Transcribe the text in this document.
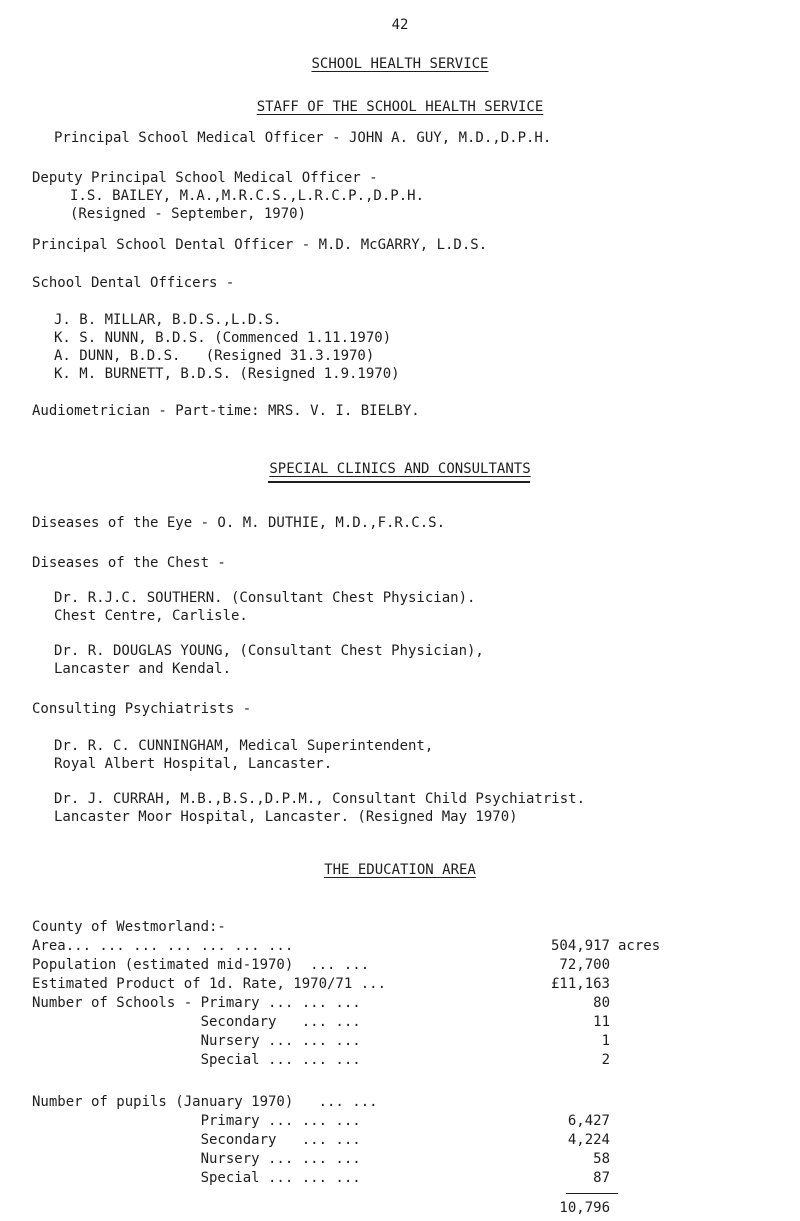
42
SCHOOL HEALTH SERVICE
STAFF OF THE SCHOOL HEALTH SERVICE
Principal School Medical Officer - JOHN A. GUY, M.D.,D.P.H.
Deputy Principal School Medical Officer -
I.S. BAILEY, M.A.,M.R.C.S.,L.R.C.P.,D.P.H.
(Resigned - September, 1970)
Principal School Dental Officer - M.D. McGARRY, L.D.S.
School Dental Officers -
J. B. MILLAR, B.D.S.,L.D.S.
K. S. NUNN, B.D.S. (Commenced 1.11.1970)
A. DUNN, B.D.S.   (Resigned 31.3.1970)
K. M. BURNETT, B.D.S. (Resigned 1.9.1970)
Audiometrician - Part-time: MRS. V. I. BIELBY.
SPECIAL CLINICS AND CONSULTANTS
Diseases of the Eye - O. M. DUTHIE, M.D.,F.R.C.S.
Diseases of the Chest -
Dr. R.J.C. SOUTHERN. (Consultant Chest Physician).
Chest Centre, Carlisle.
Dr. R. DOUGLAS YOUNG, (Consultant Chest Physician),
Lancaster and Kendal.
Consulting Psychiatrists -
Dr. R. C. CUNNINGHAM, Medical Superintendent,
Royal Albert Hospital, Lancaster.
Dr. J. CURRAH, M.B.,B.S.,D.P.M., Consultant Child Psychiatrist.
Lancaster Moor Hospital, Lancaster. (Resigned May 1970)
THE EDUCATION AREA
County of Westmorland:-
Area... ... ... ... ... ... ...	504,917 acres
Population (estimated mid-1970)  ... ...	72,700
Estimated Product of 1d. Rate, 1970/71 ...	£11,163
Number of Schools - Primary ... ... ...	80
Secondary   ... ...	11
Nursery ... ... ...	1
Special ... ... ...	2
Number of pupils (January 1970)   ... ...
Primary ... ... ...	6,427
Secondary   ... ...	4,224
Nursery ... ... ...	58
Special ... ... ...	87
10,796
